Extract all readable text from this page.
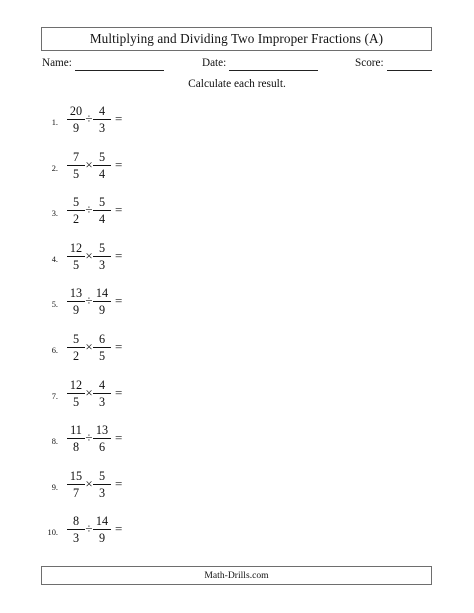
Multiplying and Dividing Two Improper Fractions (A)
Name:	Date:	Score:
Calculate each result.
1.
20
9
÷ 4
3
=
2.
7
5
× 5
4
=
3.
5
2
÷ 5
4
=
4.
12
5
× 5
3
=
5.
13
9
÷ 14
9
=
6.
5
2
× 6
5
=
7.
12
5
× 4
3
=
8.
11
8
÷ 13
6
=
9.
15
7
× 5
3
=
10.
8
3
÷ 14
9
=
Math-Drills.com
